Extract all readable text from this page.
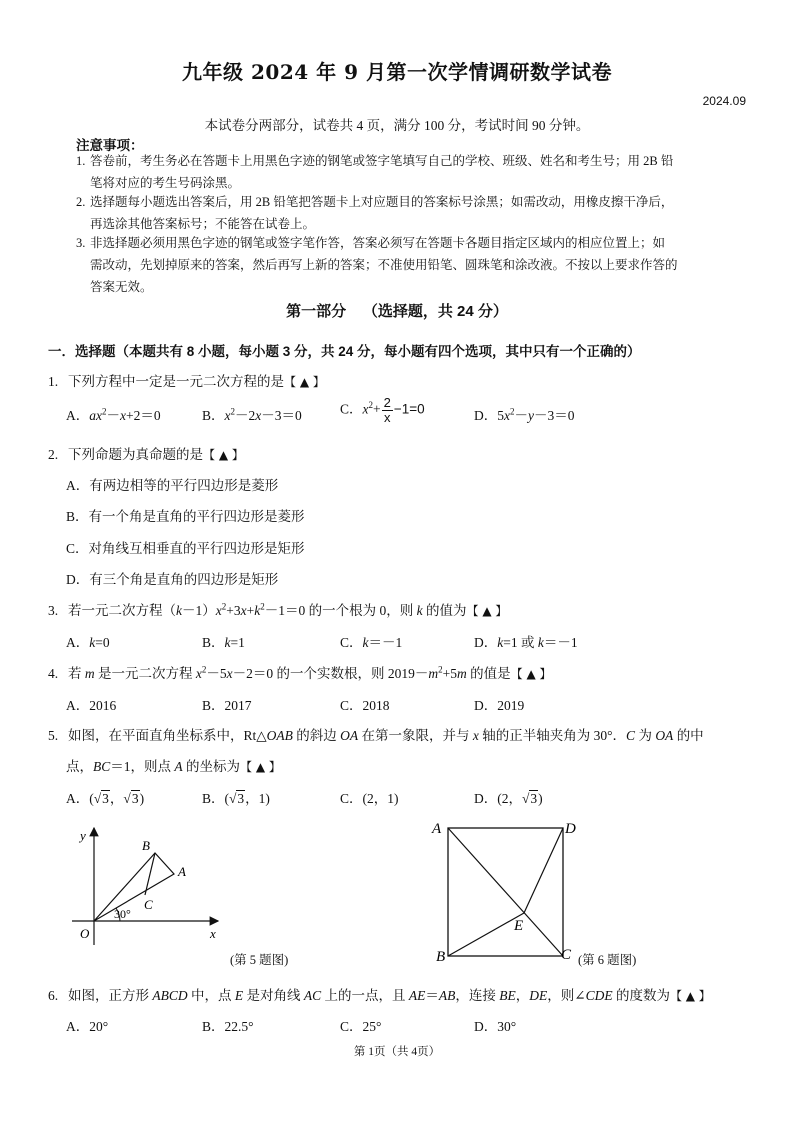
九年级 2024 年 9 月第一次学情调研数学试卷
2024.09
本试卷分两部分，试卷共 4 页，满分 100 分，考试时间 90 分钟。
注意事项：
1. 答卷前，考生务必在答题卡上用黑色字迹的钢笔或签字笔填写自己的学校、班级、姓名和考生号；用 2B 铅
笔将对应的考生号码涂黑。
2. 选择题每小题选出答案后，用 2B 铅笔把答题卡上对应题目的答案标号涂黑；如需改动，用橡皮擦干净后，
再选涂其他答案标号；不能答在试卷上。
3. 非选择题必须用黑色字迹的钢笔或签字笔作答，答案必须写在答题卡各题目指定区域内的相应位置上；如
需改动，先划掉原来的答案，然后再写上新的答案；不准使用铅笔、圆珠笔和涂改液。不按以上要求作答的
答案无效。
第一部分 （选择题，共 24 分）
一．选择题（本题共有 8 小题，每小题 3 分，共 24 分，每小题有四个选项，其中只有一个正确的）
1. 下列方程中一定是一元二次方程的是【 ▲ 】
A．$ax^2-x+2=0$	B．$x^2-2x-3=0$	C．$x^2+ \frac{2}{x} -1=0$	D．$5x^2-y-3=0$
2. 下列命题为真命题的是【 ▲ 】
A．有两边相等的平行四边形是菱形
B．有一个角是直角的平行四边形是菱形
C．对角线互相垂直的平行四边形是矩形
D．有三个角是直角的四边形是矩形
3. 若一元二次方程$(k-1)x^2+3x+k^2-1=0$ 的一个根为 0，则 k 的值为【 ▲ 】
A．k=0	B．k=1	C．k＝－1	D．k=1 或 k＝－1
4. 若 m 是一元二次方程 $x^2-5x-2=0$ 的一个实数根，则 $2019-m^2+5m$ 的值是【 ▲ 】
A．2016	B．2017	C．2018	D．2019
5. 如图，在平面直角坐标系中，Rt△OAB 的斜边 OA 在第一象限，并与 x 轴的正半轴夹角为 30°．C 为 OA 的中
点，BC＝1，则点 A 的坐标为【 ▲ 】
A．(√3，√3)	B．(√3，1)	C．(2，1)	D．(2，√3)
y
x
O
A
B
C
30°
(第 5 题图)
A	D
B	C
E
(第 6 题图)
6. 如图，正方形 ABCD 中，点 E 是对角线 AC 上的一点，且 AE＝AB，连接 BE，DE，则∠CDE 的度数为【 ▲ 】
A．20°	B．22.5°	C．25°	D．30°
第 1页（共 4页）
